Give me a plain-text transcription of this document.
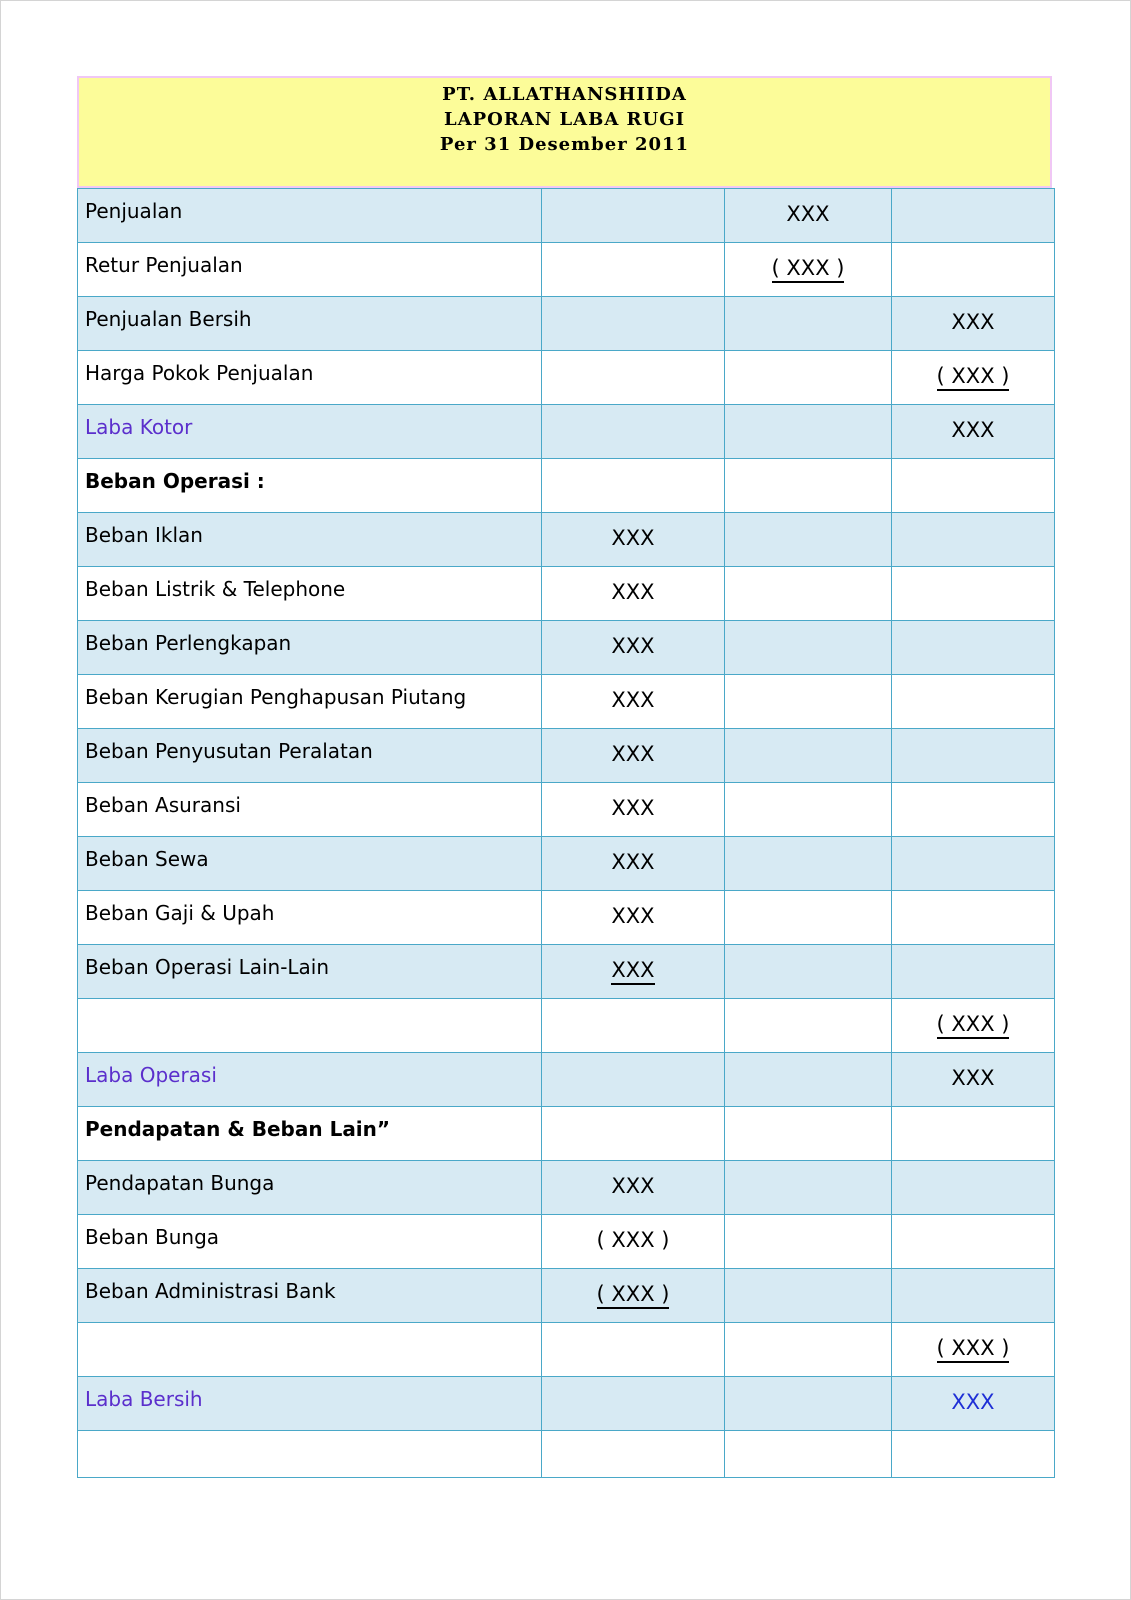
PT. ALLATHANSHIIDA
LAPORAN LABA RUGI
Per 31 Desember 2011
Penjualan		XXX	

Retur Penjualan		( XXX )	

Penjualan Bersih			XXX

Harga Pokok Penjualan			( XXX )

Laba Kotor			XXX

Beban Operasi :			

Beban Iklan	XXX		

Beban Listrik & Telephone	XXX		

Beban Perlengkapan	XXX		

Beban Kerugian Penghapusan Piutang	XXX		

Beban Penyusutan Peralatan	XXX		

Beban Asuransi	XXX		

Beban Sewa	XXX		

Beban Gaji & Upah	XXX		

Beban Operasi Lain-Lain	XXX		

			( XXX )

Laba Operasi			XXX

Pendapatan & Beban Lain”			

Pendapatan Bunga	XXX		

Beban Bunga	( XXX )		

Beban Administrasi Bank	( XXX )		

			( XXX )

Laba Bersih			XXX
